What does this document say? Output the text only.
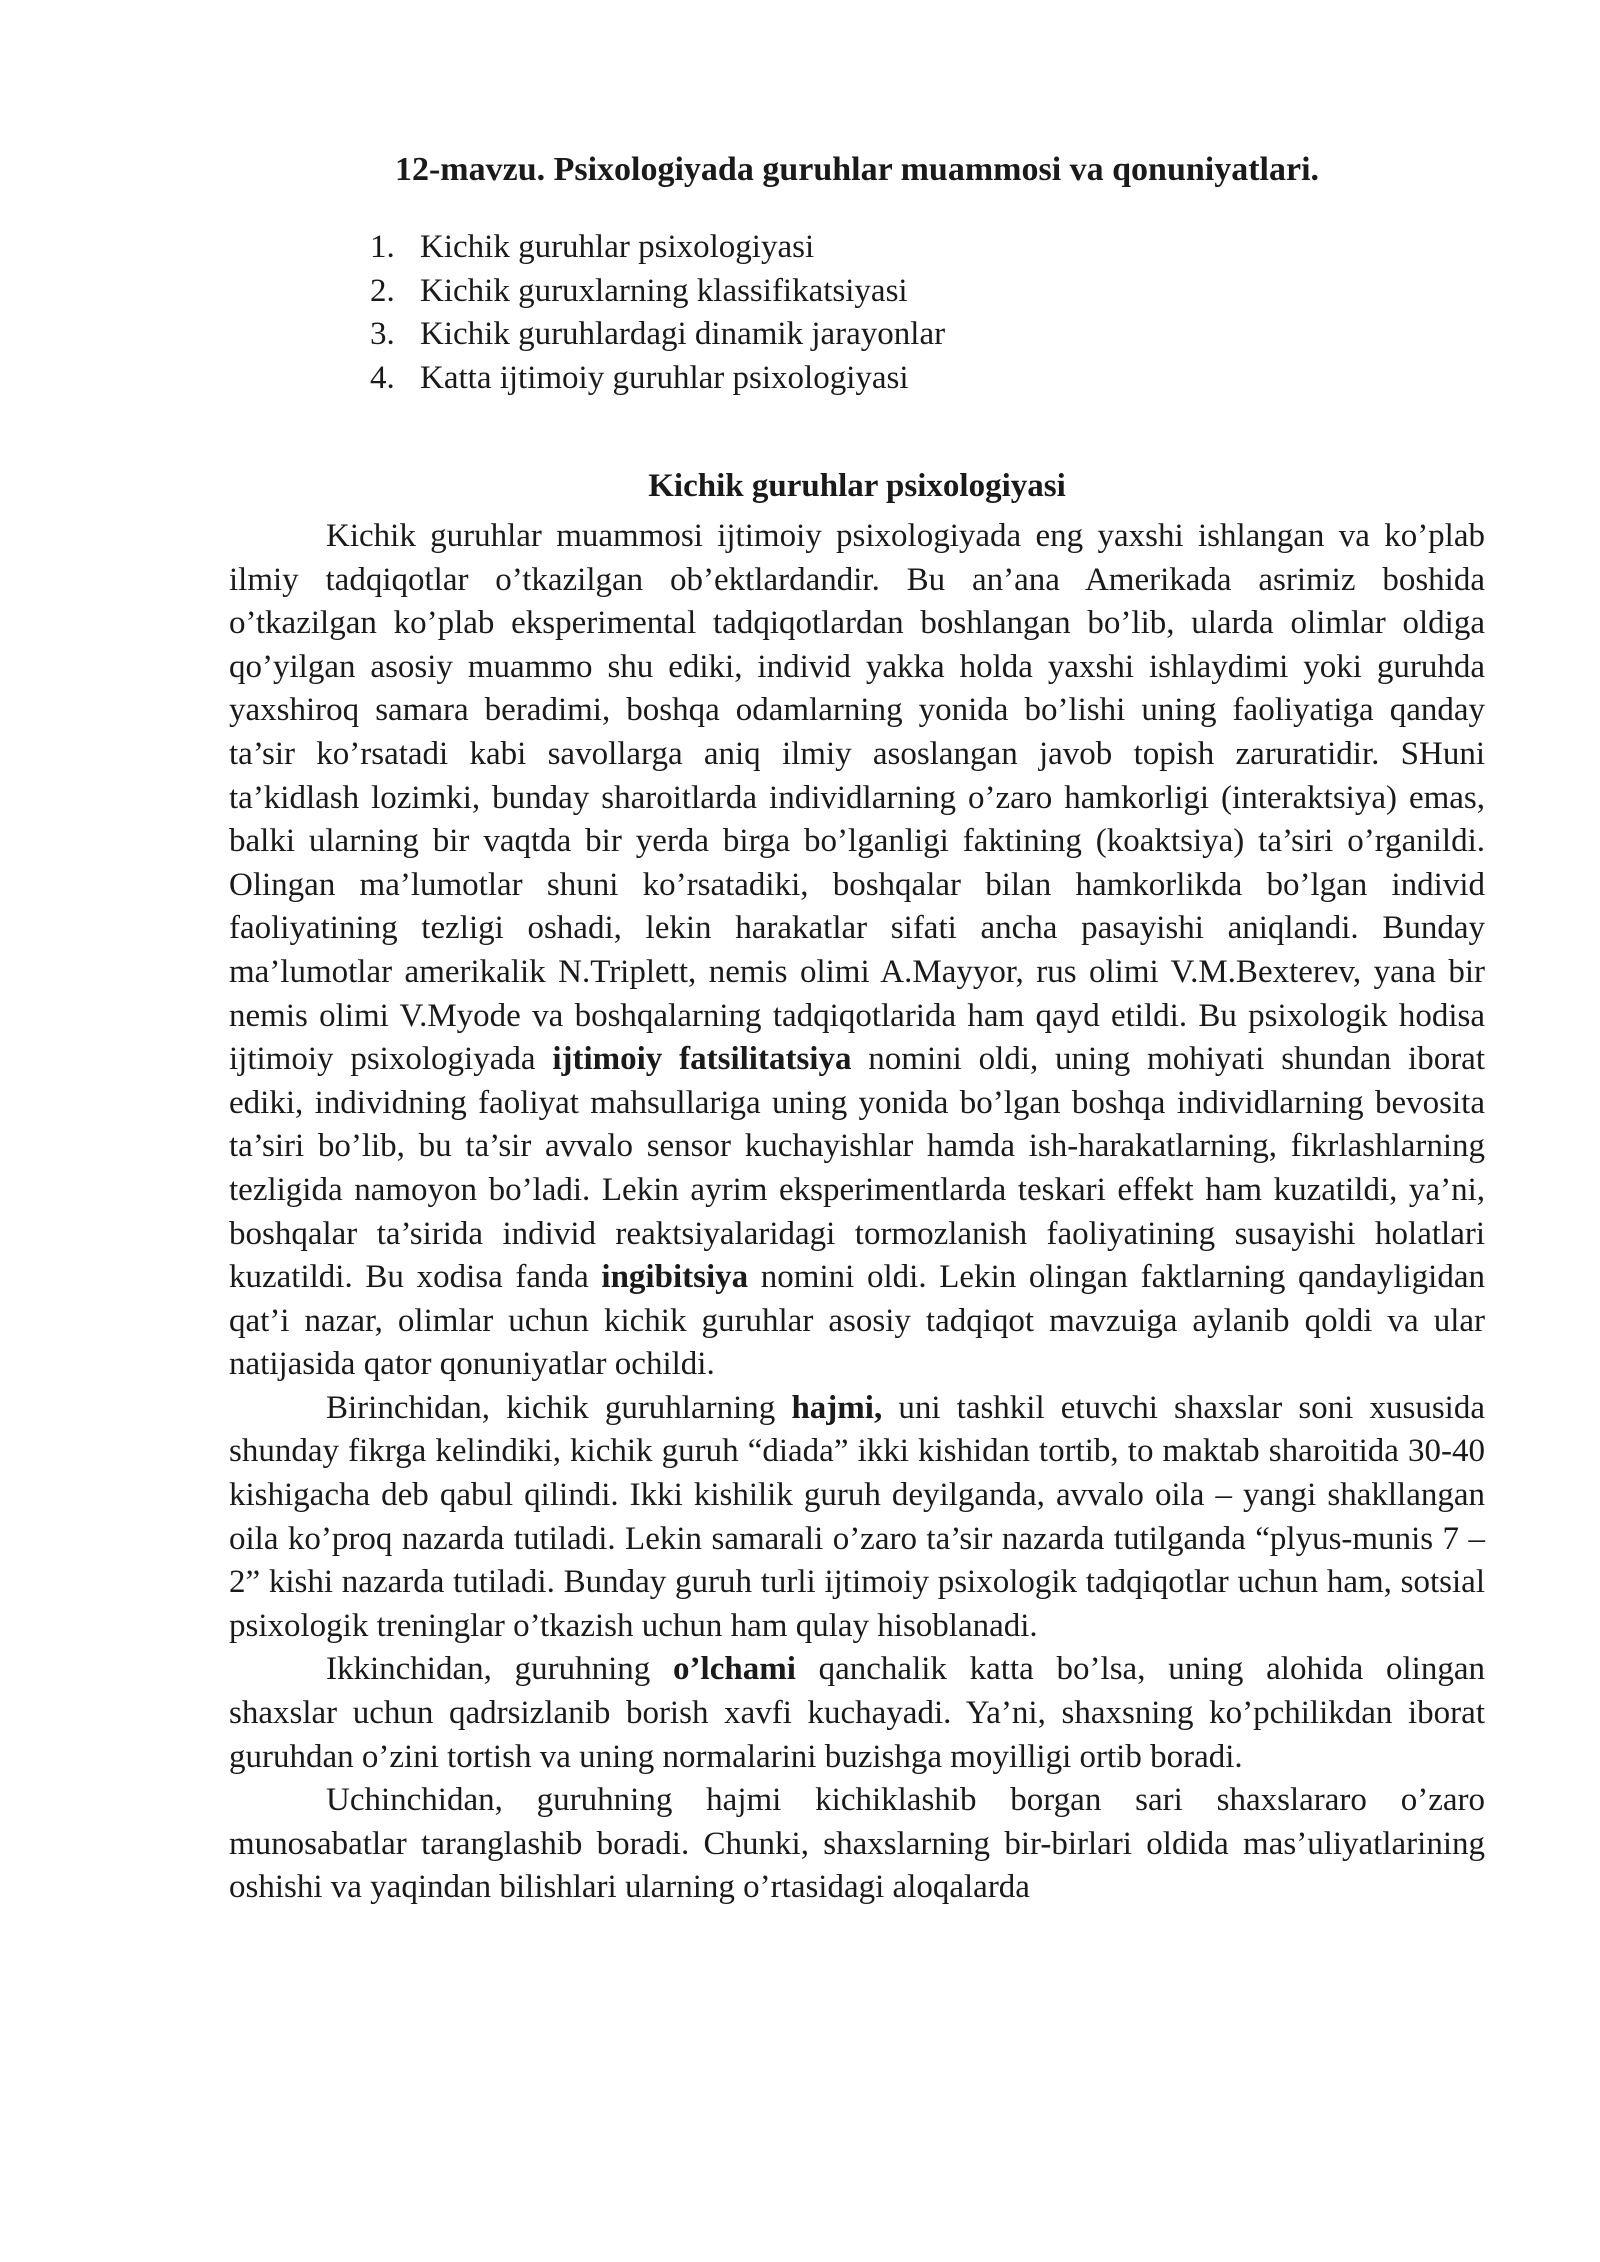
12-mavzu. Psixologiyada guruhlar muammosi va qonuniyatlari.
1. Kichik guruhlar psixologiyasi
2. Kichik guruxlarning klassifikatsiyasi
3. Kichik guruhlardagi dinamik jarayonlar
4. Katta ijtimoiy guruhlar psixologiyasi
Kichik guruhlar psixologiyasi

Kichik guruhlar muammosi ijtimoiy psixologiyada eng yaxshi ishlangan va ko’plab ilmiy tadqiqotlar o’tkazilgan ob’ektlardandir. Bu an’ana Amerikada asrimiz boshida o’tkazilgan ko’plab eksperimental tadqiqotlardan boshlangan bo’lib, ularda olimlar oldiga qo’yilgan asosiy muammo shu ediki, individ yakka holda yaxshi ishlaydimi yoki guruhda yaxshiroq samara beradimi, boshqa odamlarning yonida bo’lishi uning faoliyatiga qanday ta’sir ko’rsatadi kabi savollarga aniq ilmiy asoslangan javob topish zaruratidir. SHuni ta’kidlash lozimki, bunday sharoitlarda individlarning o’zaro hamkorligi (interaktsiya) emas, balki ularning bir vaqtda bir yerda birga bo’lganligi faktining (koaktsiya) ta’siri o’rganildi. Olingan ma’lumotlar shuni ko’rsatadiki, boshqalar bilan hamkorlikda bo’lgan individ faoliyatining tezligi oshadi, lekin harakatlar sifati ancha pasayishi aniqlandi. Bunday ma’lumotlar amerikalik N.Triplett, nemis olimi A.Mayyor, rus olimi V.M.Bexterev, yana bir nemis olimi V.Myode va boshqalarning tadqiqotlarida ham qayd etildi. Bu psixologik hodisa ijtimoiy psixologiyada ijtimoiy fatsilitatsiya nomini oldi, uning mohiyati shundan iborat ediki, individning faoliyat mahsullariga uning yonida bo’lgan boshqa individlarning bevosita ta’siri bo’lib, bu ta’sir avvalo sensor kuchayishlar hamda ish-harakatlarning, fikrlashlarning tezligida namoyon bo’ladi. Lekin ayrim eksperimentlarda teskari effekt ham kuzatildi, ya’ni, boshqalar ta’sirida individ reaktsiyalaridagi tormozlanish faoliyatining susayishi holatlari kuzatildi. Bu xodisa fanda ingibitsiya nomini oldi. Lekin olingan faktlarning qandayligidan qat’i nazar, olimlar uchun kichik guruhlar asosiy tadqiqot mavzuiga aylanib qoldi va ular natijasida qator qonuniyatlar ochildi.

Birinchidan, kichik guruhlarning hajmi, uni tashkil etuvchi shaxslar soni xususida shunday fikrga kelindiki, kichik guruh “diada” ikki kishidan tortib, to maktab sharoitida 30-40 kishigacha deb qabul qilindi. Ikki kishilik guruh deyilganda, avvalo oila – yangi shakllangan oila ko’proq nazarda tutiladi. Lekin samarali o’zaro ta’sir nazarda tutilganda “plyus-munis 7 – 2” kishi nazarda tutiladi. Bunday guruh turli ijtimoiy psixologik tadqiqotlar uchun ham, sotsial psixologik treninglar o’tkazish uchun ham qulay hisoblanadi.

Ikkinchidan, guruhning o’lchami qanchalik katta bo’lsa, uning alohida olingan shaxslar uchun qadrsizlanib borish xavfi kuchayadi. Ya’ni, shaxsning ko’pchilikdan iborat guruhdan o’zini tortish va uning normalarini buzishga moyilligi ortib boradi.

Uchinchidan, guruhning hajmi kichiklashib borgan sari shaxslararo o’zaro munosabatlar taranglashib boradi. Chunki, shaxslarning bir-birlari oldida mas’uliyatlarining oshishi va yaqindan bilishlari ularning o’rtasidagi aloqalarda
